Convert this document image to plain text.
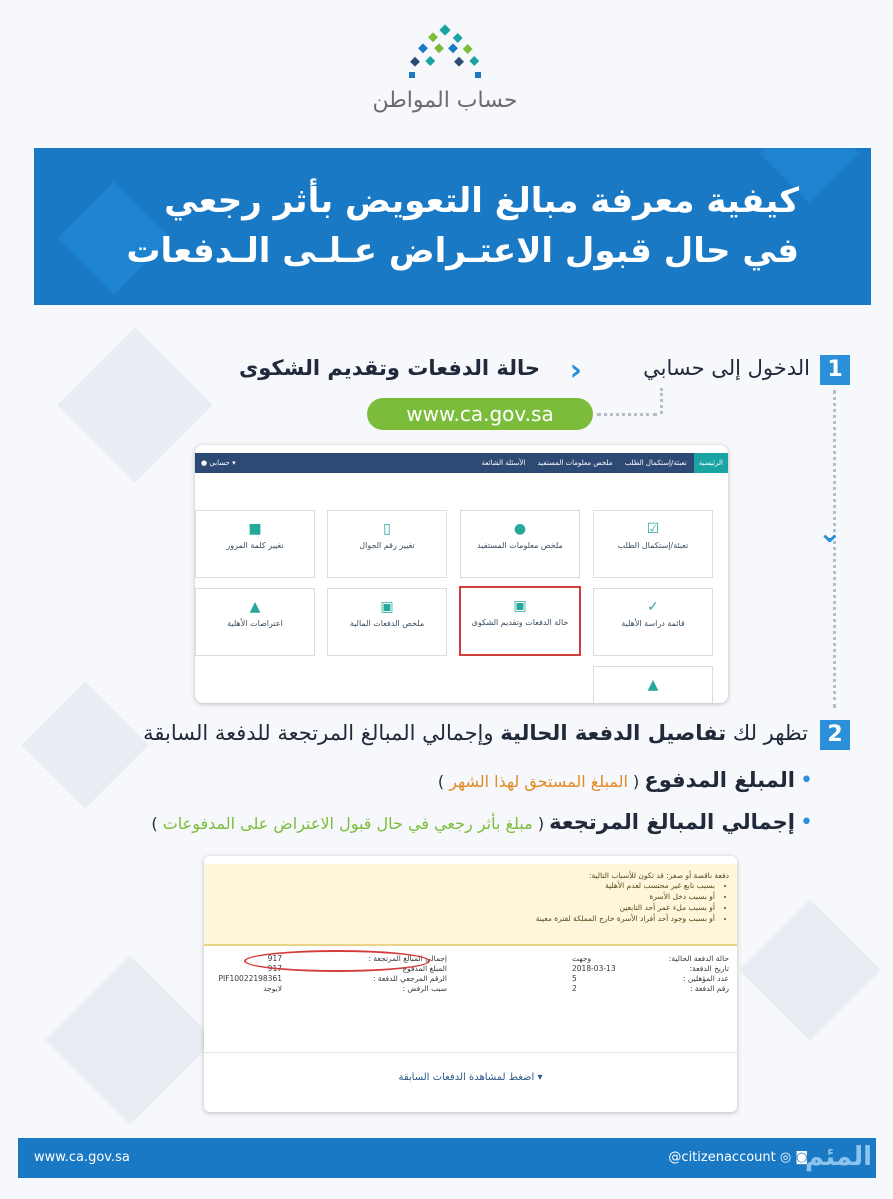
حساب المواطن
كيفية معرفة مبالغ التعويض بأثر رجعي
في حال قبول الاعتـراض عـلـى الـدفعات
1
الدخول إلى حسابي
‹
حالة الدفعات وتقديم الشكوى
www.ca.gov.sa
⌄
الرئيسية تعبئة/إستكمال الطلب ملخص معلومات المستفيد الأسئلة الشائعة
▾ حسابي ●
☑
تعبئة/إستكمال الطلب
●
ملخص معلومات المستفيد
▯
تغيير رقم الجوال
■
تغيير كلمة المرور
✓
قائمة دراسة الأهلية
▣
حالة الدفعات وتقديم الشكوى
▣
ملخص الدفعات المالية
▲
اعتراضات الأهلية
▲
2
تظهر لك تفاصيل الدفعة الحالية وإجمالي المبالغ المرتجعة للدفعة السابقة
• المبلغ المدفوع ( المبلغ المستحق لهذا الشهر )
• إجمالي المبالغ المرتجعة ( مبلغ بأثر رجعي في حال قبول الاعتراض على المدفوعات )
دفعة ناقصة أو صفر: قد تكون للأسباب التالية:
• بسبب تابع غير محتسب لعدم الأهلية
• أو بسبب دخل الأسرة
• أو بسبب ملء عمر أحد التابعين
• أو بسبب وجود أحد أفراد الأسرة خارج المملكة لفترة معينة
حالة الدفعة الحالية:
تاريخ الدفعة:
عدد المؤهلين :
رقم الدفعة :
وجهت
2018-03-13
5
2
إجمالي المبالغ المرتجعة :
المبلغ المدفوع
الرقم المرجعي للدفعة :
سبب الرفض :
917
917
PIF10022198361
لايوجد
▾ اضغط لمشاهدة الدفعات السابقة
www.ca.gov.sa	@citizenaccount ◎ ◙
المئم
